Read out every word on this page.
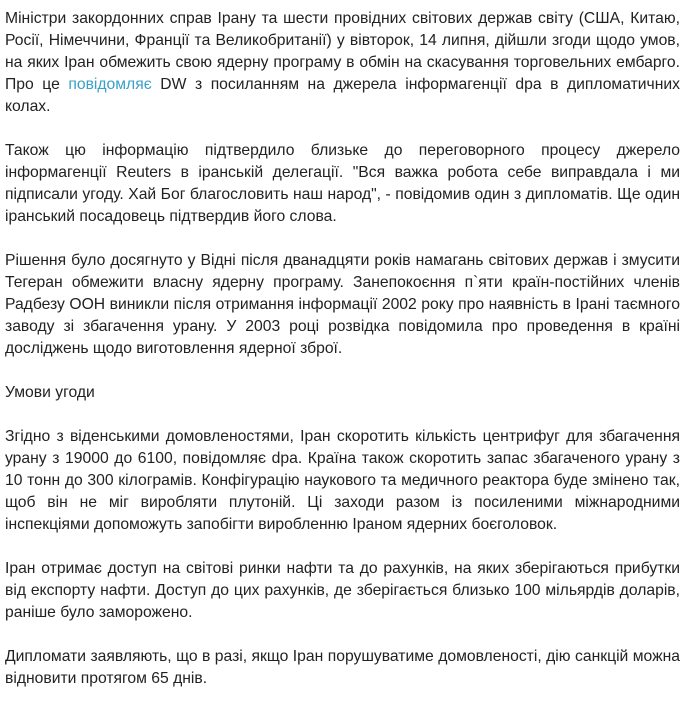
Міністри закордонних справ Ірану та шести провідних світових держав світу (США, Китаю, Росії, Німеччини, Франції та Великобританії) у вівторок, 14 липня, дійшли згоди щодо умов, на яких Іран обмежить свою ядерну програму в обмін на скасування торговельних ембарго. Про це повідомляє DW з посиланням на джерела інформагенції dpa в дипломатичних колах.

Також цю інформацію підтвердило близьке до переговорного процесу джерело інформагенції Reuters в іранській делегації. "Вся важка робота себе виправдала і ми підписали угоду. Хай Бог благословить наш народ", - повідомив один з дипломатів. Ще один іранський посадовець підтвердив його слова.

Рішення було досягнуто у Відні після дванадцяти років намагань світових держав і змусити Тегеран обмежити власну ядерну програму. Занепокоєння п`яти країн-постійних членів Радбезу ООН виникли після отримання інформації 2002 року про наявність в Ірані таємного заводу зі збагачення урану. У 2003 році розвідка повідомила про проведення в країні досліджень щодо виготовлення ядерної зброї.

Умови угоди

Згідно з віденськими домовленостями, Іран скоротить кількість центрифуг для збагачення урану з 19000 до 6100, повідомляє dpa. Країна також скоротить запас збагаченого урану з 10 тонн до 300 кілограмів. Конфігурацію наукового та медичного реактора буде змінено так, щоб він не міг виробляти плутоній. Ці заходи разом із посиленими міжнародними інспекціями допоможуть запобігти виробленню Іраном ядерних боєголовок.

Іран отримає доступ на світові ринки нафти та до рахунків, на яких зберігаються прибутки від експорту нафти. Доступ до цих рахунків, де зберігається близько 100 мільярдів доларів, раніше було заморожено.

Дипломати заявляють, що в разі, якщо Іран порушуватиме домовленості, дію санкцій можна відновити протягом 65 днів.
